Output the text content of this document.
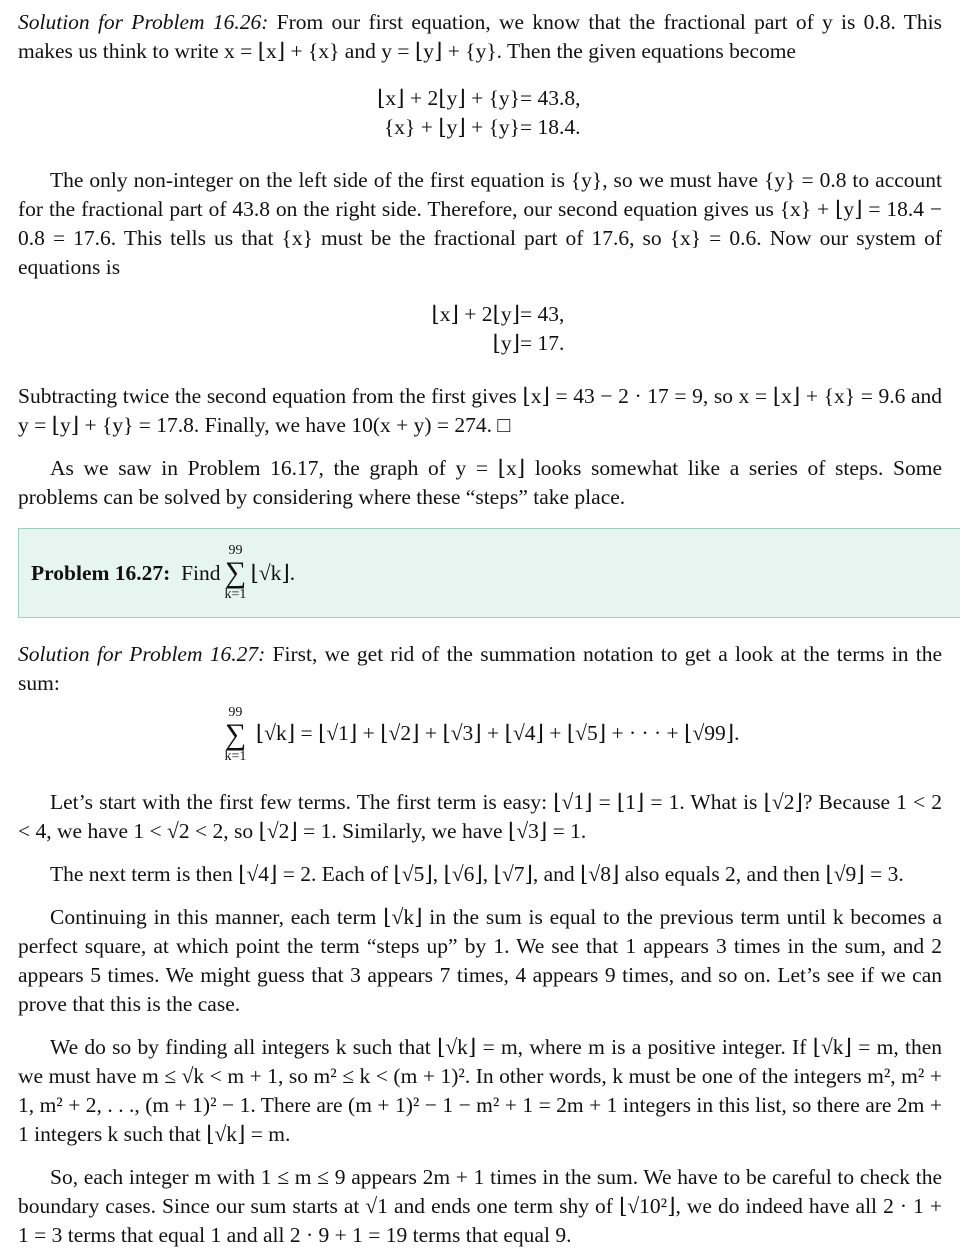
Solution for Problem 16.26: From our first equation, we know that the fractional part of y is 0.8. This makes us think to write x = ⌊x⌋ + {x} and y = ⌊y⌋ + {y}. Then the given equations become

⌊x⌋ + 2⌊y⌋ + {y} = 43.8,
{x} + ⌊y⌋ + {y} = 18.4.

The only non-integer on the left side of the first equation is {y}, so we must have {y} = 0.8 to account for the fractional part of 43.8 on the right side. Therefore, our second equation gives us {x} + ⌊y⌋ = 18.4 − 0.8 = 17.6. This tells us that {x} must be the fractional part of 17.6, so {x} = 0.6. Now our system of equations is

⌊x⌋ + 2⌊y⌋ = 43,
⌊y⌋ = 17.

Subtracting twice the second equation from the first gives ⌊x⌋ = 43 − 2 · 17 = 9, so x = ⌊x⌋ + {x} = 9.6 and y = ⌊y⌋ + {y} = 17.8. Finally, we have 10(x + y) = 274. □

As we saw in Problem 16.17, the graph of y = ⌊x⌋ looks somewhat like a series of steps. Some problems can be solved by considering where these “steps” take place.

Problem 16.27:
Find
99
∑
k=1
⌊√k⌋.

Solution for Problem 16.27: First, we get rid of the summation notation to get a look at the terms in the sum:

99
∑
k=1
⌊√k⌋ = ⌊√1⌋ + ⌊√2⌋ + ⌊√3⌋ + ⌊√4⌋ + ⌊√5⌋ + · · · + ⌊√99⌋.

Let’s start with the first few terms. The first term is easy: ⌊√1⌋ = ⌊1⌋ = 1. What is ⌊√2⌋? Because 1 < 2 < 4, we have 1 < √2 < 2, so ⌊√2⌋ = 1. Similarly, we have ⌊√3⌋ = 1.

The next term is then ⌊√4⌋ = 2. Each of ⌊√5⌋, ⌊√6⌋, ⌊√7⌋, and ⌊√8⌋ also equals 2, and then ⌊√9⌋ = 3.

Continuing in this manner, each term ⌊√k⌋ in the sum is equal to the previous term until k becomes a perfect square, at which point the term “steps up” by 1. We see that 1 appears 3 times in the sum, and 2 appears 5 times. We might guess that 3 appears 7 times, 4 appears 9 times, and so on. Let’s see if we can prove that this is the case.

We do so by finding all integers k such that ⌊√k⌋ = m, where m is a positive integer. If ⌊√k⌋ = m, then we must have m ≤ √k < m + 1, so m² ≤ k < (m + 1)². In other words, k must be one of the integers m², m² + 1, m² + 2, . . ., (m + 1)² − 1. There are (m + 1)² − 1 − m² + 1 = 2m + 1 integers in this list, so there are 2m + 1 integers k such that ⌊√k⌋ = m.

So, each integer m with 1 ≤ m ≤ 9 appears 2m + 1 times in the sum. We have to be careful to check the boundary cases. Since our sum starts at √1 and ends one term shy of ⌊√10²⌋, we do indeed have all 2 · 1 + 1 = 3 terms that equal 1 and all 2 · 9 + 1 = 19 terms that equal 9.
